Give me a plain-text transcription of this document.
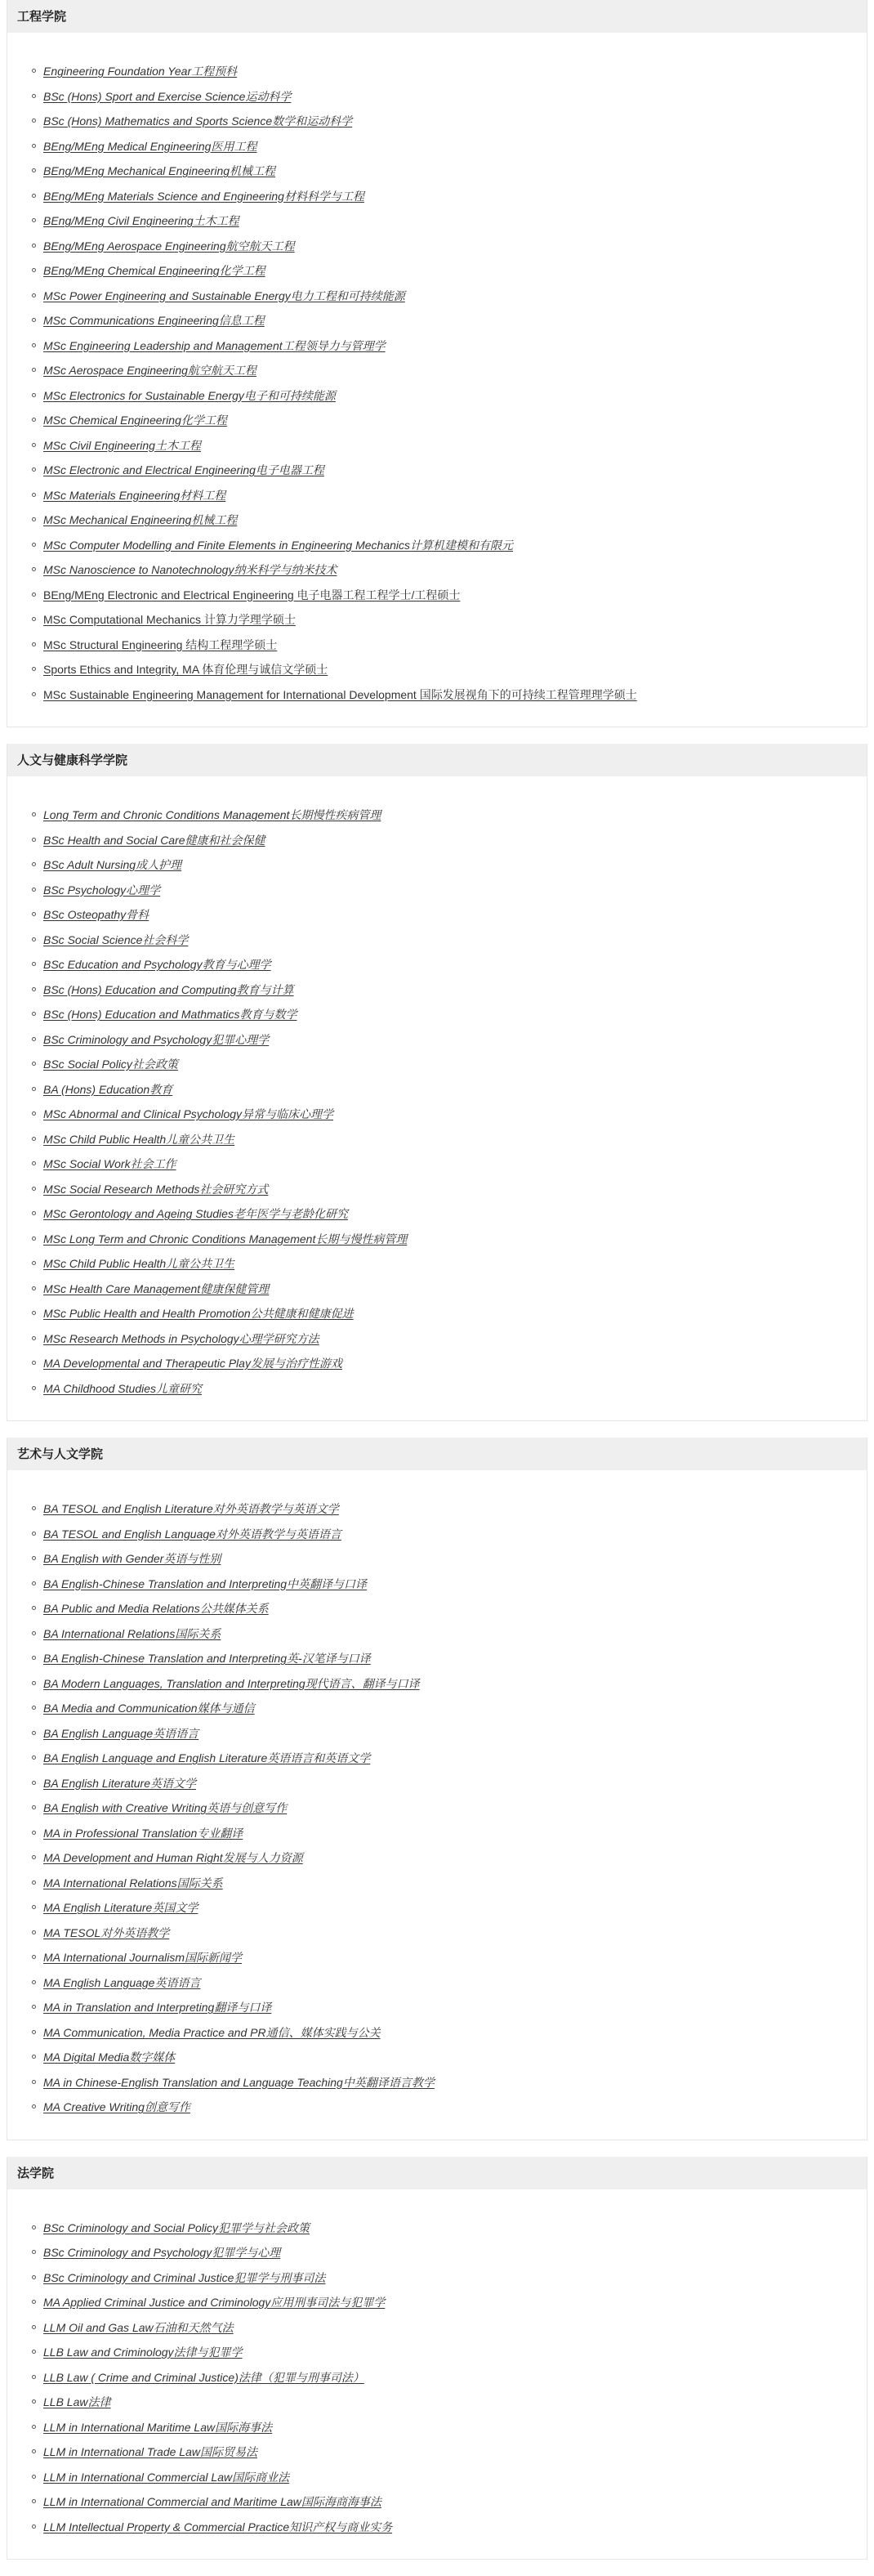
工程学院
Engineering Foundation Year工程预科
BSc (Hons) Sport and Exercise Science运动科学
BSc (Hons) Mathematics and Sports Science数学和运动科学
BEng/MEng Medical Engineering医用工程
BEng/MEng Mechanical Engineering机械工程
BEng/MEng Materials Science and Engineering材料科学与工程
BEng/MEng Civil Engineering土木工程
BEng/MEng Aerospace Engineering航空航天工程
BEng/MEng Chemical Engineering化学工程
MSc Power Engineering and Sustainable Energy电力工程和可持续能源
MSc Communications Engineering信息工程
MSc Engineering Leadership and Management工程领导力与管理学
MSc Aerospace Engineering航空航天工程
MSc Electronics for Sustainable Energy电子和可持续能源
MSc Chemical Engineering化学工程
MSc Civil Engineering土木工程
MSc Electronic and Electrical Engineering电子电器工程
MSc Materials Engineering材料工程
MSc Mechanical Engineering机械工程
MSc Computer Modelling and Finite Elements in Engineering Mechanics计算机建模和有限元
MSc Nanoscience to Nanotechnology纳米科学与纳米技术
BEng/MEng Electronic and Electrical Engineering 电子电器工程工程学士/工程硕士
MSc Computational Mechanics 计算力学理学硕士
MSc Structural Engineering 结构工程理学硕士
Sports Ethics and Integrity, MA 体育伦理与诚信文学硕士
MSc Sustainable Engineering Management for International Development 国际发展视角下的可持续工程管理理学硕士
人文与健康科学学院
Long Term and Chronic Conditions Management长期慢性疾病管理
BSc Health and Social Care健康和社会保健
BSc Adult Nursing成人护理
BSc Psychology心理学
BSc Osteopathy骨科
BSc Social Science社会科学
BSc Education and Psychology教育与心理学
BSc (Hons) Education and Computing教育与计算
BSc (Hons) Education and Mathmatics教育与数学
BSc Criminology and Psychology犯罪心理学
BSc Social Policy社会政策
BA (Hons) Education教育
MSc Abnormal and Clinical Psychology异常与临床心理学
MSc Child Public Health儿童公共卫生
MSc Social Work社会工作
MSc Social Research Methods社会研究方式
MSc Gerontology and Ageing Studies老年医学与老龄化研究
MSc Long Term and Chronic Conditions Management长期与慢性病管理
MSc Child Public Health儿童公共卫生
MSc Health Care Management健康保健管理
MSc Public Health and Health Promotion公共健康和健康促进
MSc Research Methods in Psychology心理学研究方法
MA Developmental and Therapeutic Play发展与治疗性游戏
MA Childhood Studies儿童研究
艺术与人文学院
BA TESOL and English Literature对外英语教学与英语文学
BA TESOL and English Language对外英语教学与英语语言
BA English with Gender英语与性别
BA English-Chinese Translation and Interpreting中英翻译与口译
BA Public and Media Relations公共媒体关系
BA International Relations国际关系
BA English-Chinese Translation and Interpreting英-汉笔译与口译
BA Modern Languages, Translation and Interpreting现代语言、翻译与口译
BA Media and Communication媒体与通信
BA English Language英语语言
BA English Language and English Literature英语语言和英语文学
BA English Literature英语文学
BA English with Creative Writing英语与创意写作
MA in Professional Translation专业翻译
MA Development and Human Right发展与人力资源
MA International Relations国际关系
MA English Literature英国文学
MA TESOL对外英语教学
MA International Journalism国际新闻学
MA English Language英语语言
MA in Translation and Interpreting翻译与口译
MA Communication, Media Practice and PR通信、媒体实践与公关
MA Digital Media数字媒体
MA in Chinese-English Translation and Language Teaching中英翻译语言教学
MA Creative Writing创意写作
法学院
BSc Criminology and Social Policy犯罪学与社会政策
BSc Criminology and Psychology犯罪学与心理
BSc Criminology and Criminal Justice犯罪学与刑事司法
MA Applied Criminal Justice and Criminology应用刑事司法与犯罪学
LLM Oil and Gas Law石油和天然气法
LLB Law and Criminology法律与犯罪学
LLB Law ( Crime and Criminal Justice)法律（犯罪与刑事司法）
LLB Law法律
LLM in International Maritime Law国际海事法
LLM in International Trade Law国际贸易法
LLM in International Commercial Law国际商业法
LLM in International Commercial and Maritime Law国际海商海事法
LLM Intellectual Property & Commercial Practice知识产权与商业实务
